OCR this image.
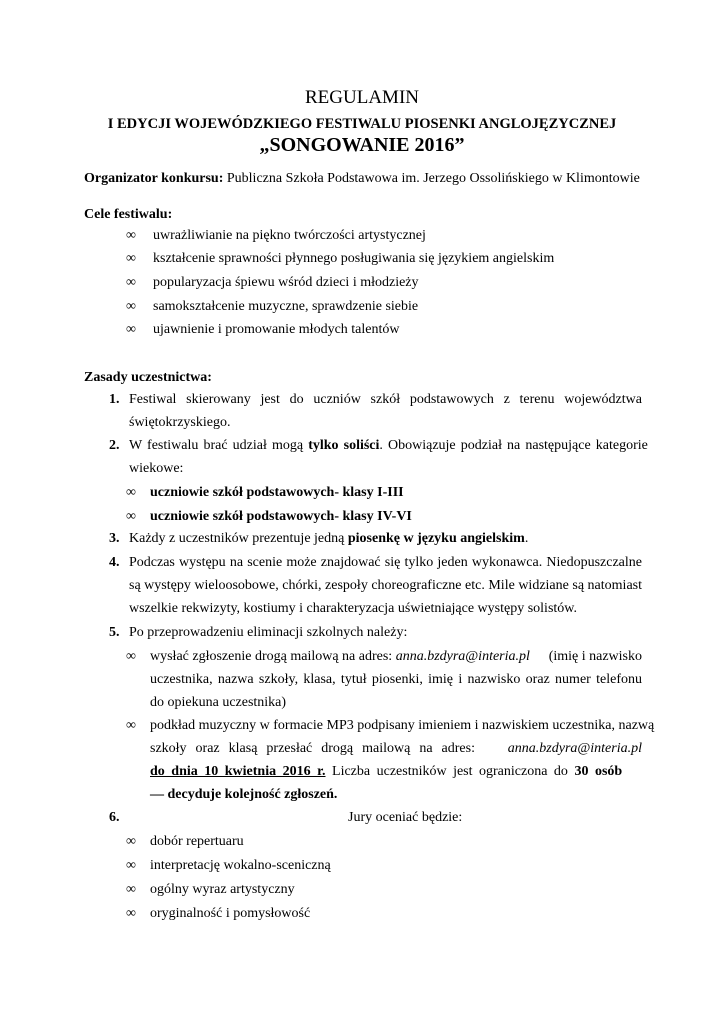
REGULAMIN
I EDYCJI WOJEWÓDZKIEGO FESTIWALU PIOSENKI ANGLOJĘZYCZNEJ
„SONGOWANIE 2016”
Organizator konkursu: Publiczna Szkoła Podstawowa im. Jerzego Ossolińskiego w Klimontowie
Cele festiwalu:
∞ uwrażliwianie na piękno twórczości artystycznej
∞ kształcenie sprawności płynnego posługiwania się językiem angielskim
∞ popularyzacja śpiewu wśród dzieci i młodzieży
∞ samokształcenie muzyczne, sprawdzenie siebie
∞ ujawnienie i promowanie młodych talentów
Zasady uczestnictwa:
1. Festiwal skierowany jest do uczniów szkół podstawowych z terenu województwa
świętokrzyskiego.
2. W festiwalu brać udział mogą tylko soliści. Obowiązuje podział na następujące kategorie
wiekowe:
∞ uczniowie szkół podstawowych- klasy I-III
∞ uczniowie szkół podstawowych- klasy IV-VI
3. Każdy z uczestników prezentuje jedną piosenkę w języku angielskim.
4. Podczas występu na scenie może znajdować się tylko jeden wykonawca. Niedopuszczalne
są występy wieloosobowe, chórki, zespoły choreograficzne etc. Mile widziane są natomiast
wszelkie rekwizyty, kostiumy i charakteryzacja uświetniające występy solistów.
5. Po przeprowadzeniu eliminacji szkolnych należy:
∞ wysłać zgłoszenie drogą mailową na adres: anna.bzdyra@interia.pl	(imię i nazwisko
uczestnika, nazwa szkoły, klasa, tytuł piosenki, imię i nazwisko oraz numer telefonu
do opiekuna uczestnika)
∞ podkład muzyczny w formacie MP3 podpisany imieniem i nazwiskiem uczestnika, nazwą
szkoły oraz klasą przesłać drogą mailową na adres:	anna.bzdyra@interia.pl
do dnia 10 kwietnia 2016 r. Liczba uczestników jest ograniczona do 30 osób
— decyduje kolejność zgłoszeń.
6.	Jury oceniać będzie:
∞ dobór repertuaru
∞ interpretację wokalno-sceniczną
∞ ogólny wyraz artystyczny
∞ oryginalność i pomysłowość
